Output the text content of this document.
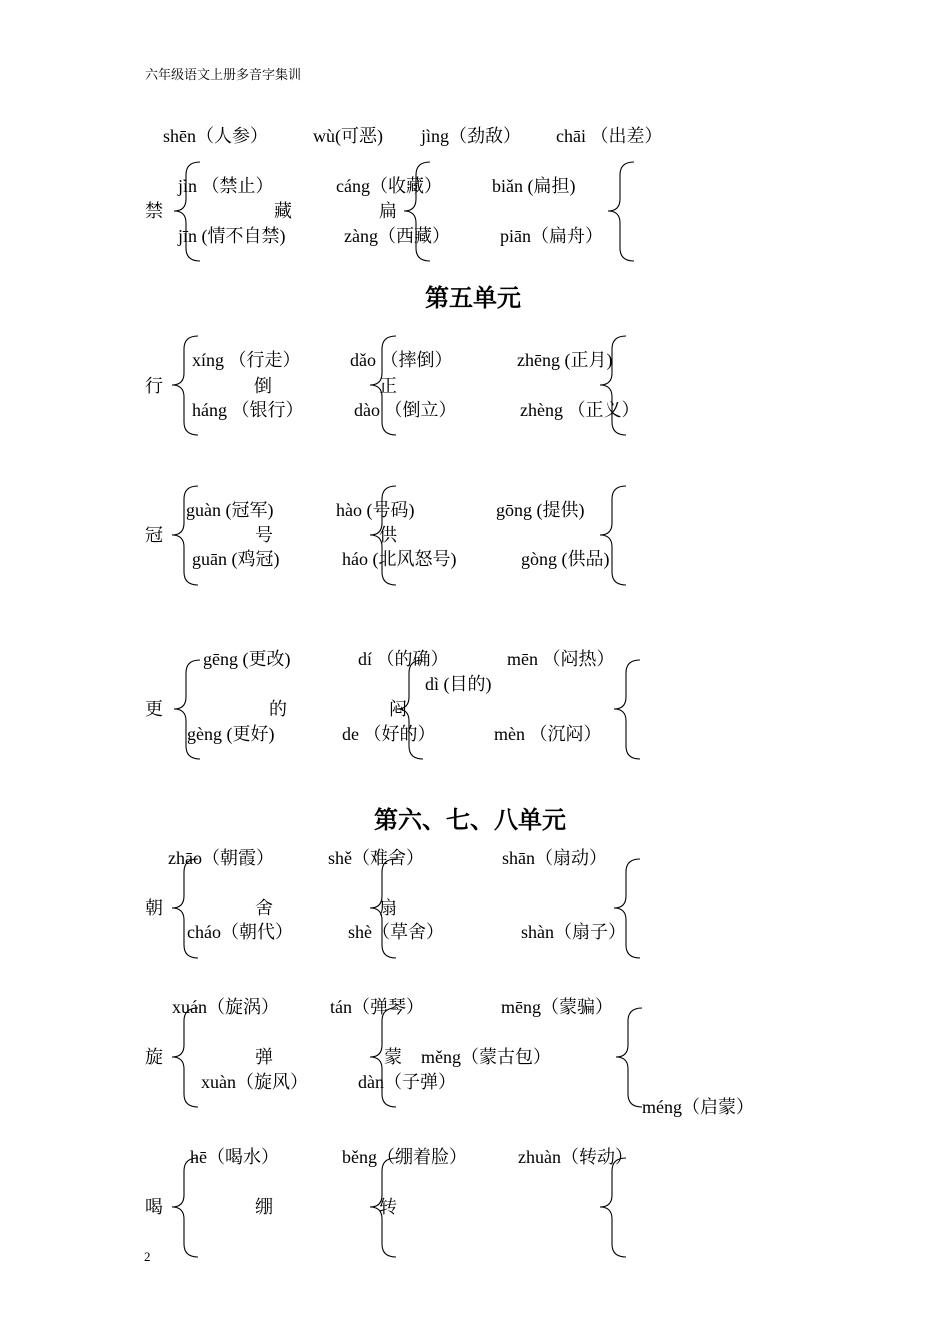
六年级语文上册多音字集训
shēn（人参）	wù(可恶) jìng（劲敌） chāi （出差）
禁
jìn （禁止）
jīn (情不自禁)
藏
cáng（收藏）
zàng（西藏）
扁
biǎn (扁担)
piān（扁舟）
第五单元
行
xíng （行走）
háng （银行）
倒
dǎo （摔倒）
dào （倒立）
正
zhēng (正月)
zhèng （正义）
冠
guàn (冠军)
guān (鸡冠)
号
hào (号码)
háo (北风怒号)
供
gōng (提供)
gòng (供品)
更
gēng (更改)
gèng (更好)
的
dí （的确）
dì (目的)
de （好的）
闷
mēn （闷热）
mèn （沉闷）
第六、七、八单元
朝
zhāo（朝霞）
cháo（朝代）
舍
shě（难舍）
shè（草舍）
扇
shān（扇动）
shàn（扇子）
旋
xuán（旋涡）
xuàn（旋风）
弹
tán（弹琴）
dàn（子弹）
蒙
mēng（蒙骗）
měng（蒙古包）
méng（启蒙）
喝
hē（喝水）
绷
běng（绷着脸）
转
zhuàn（转动）
2
